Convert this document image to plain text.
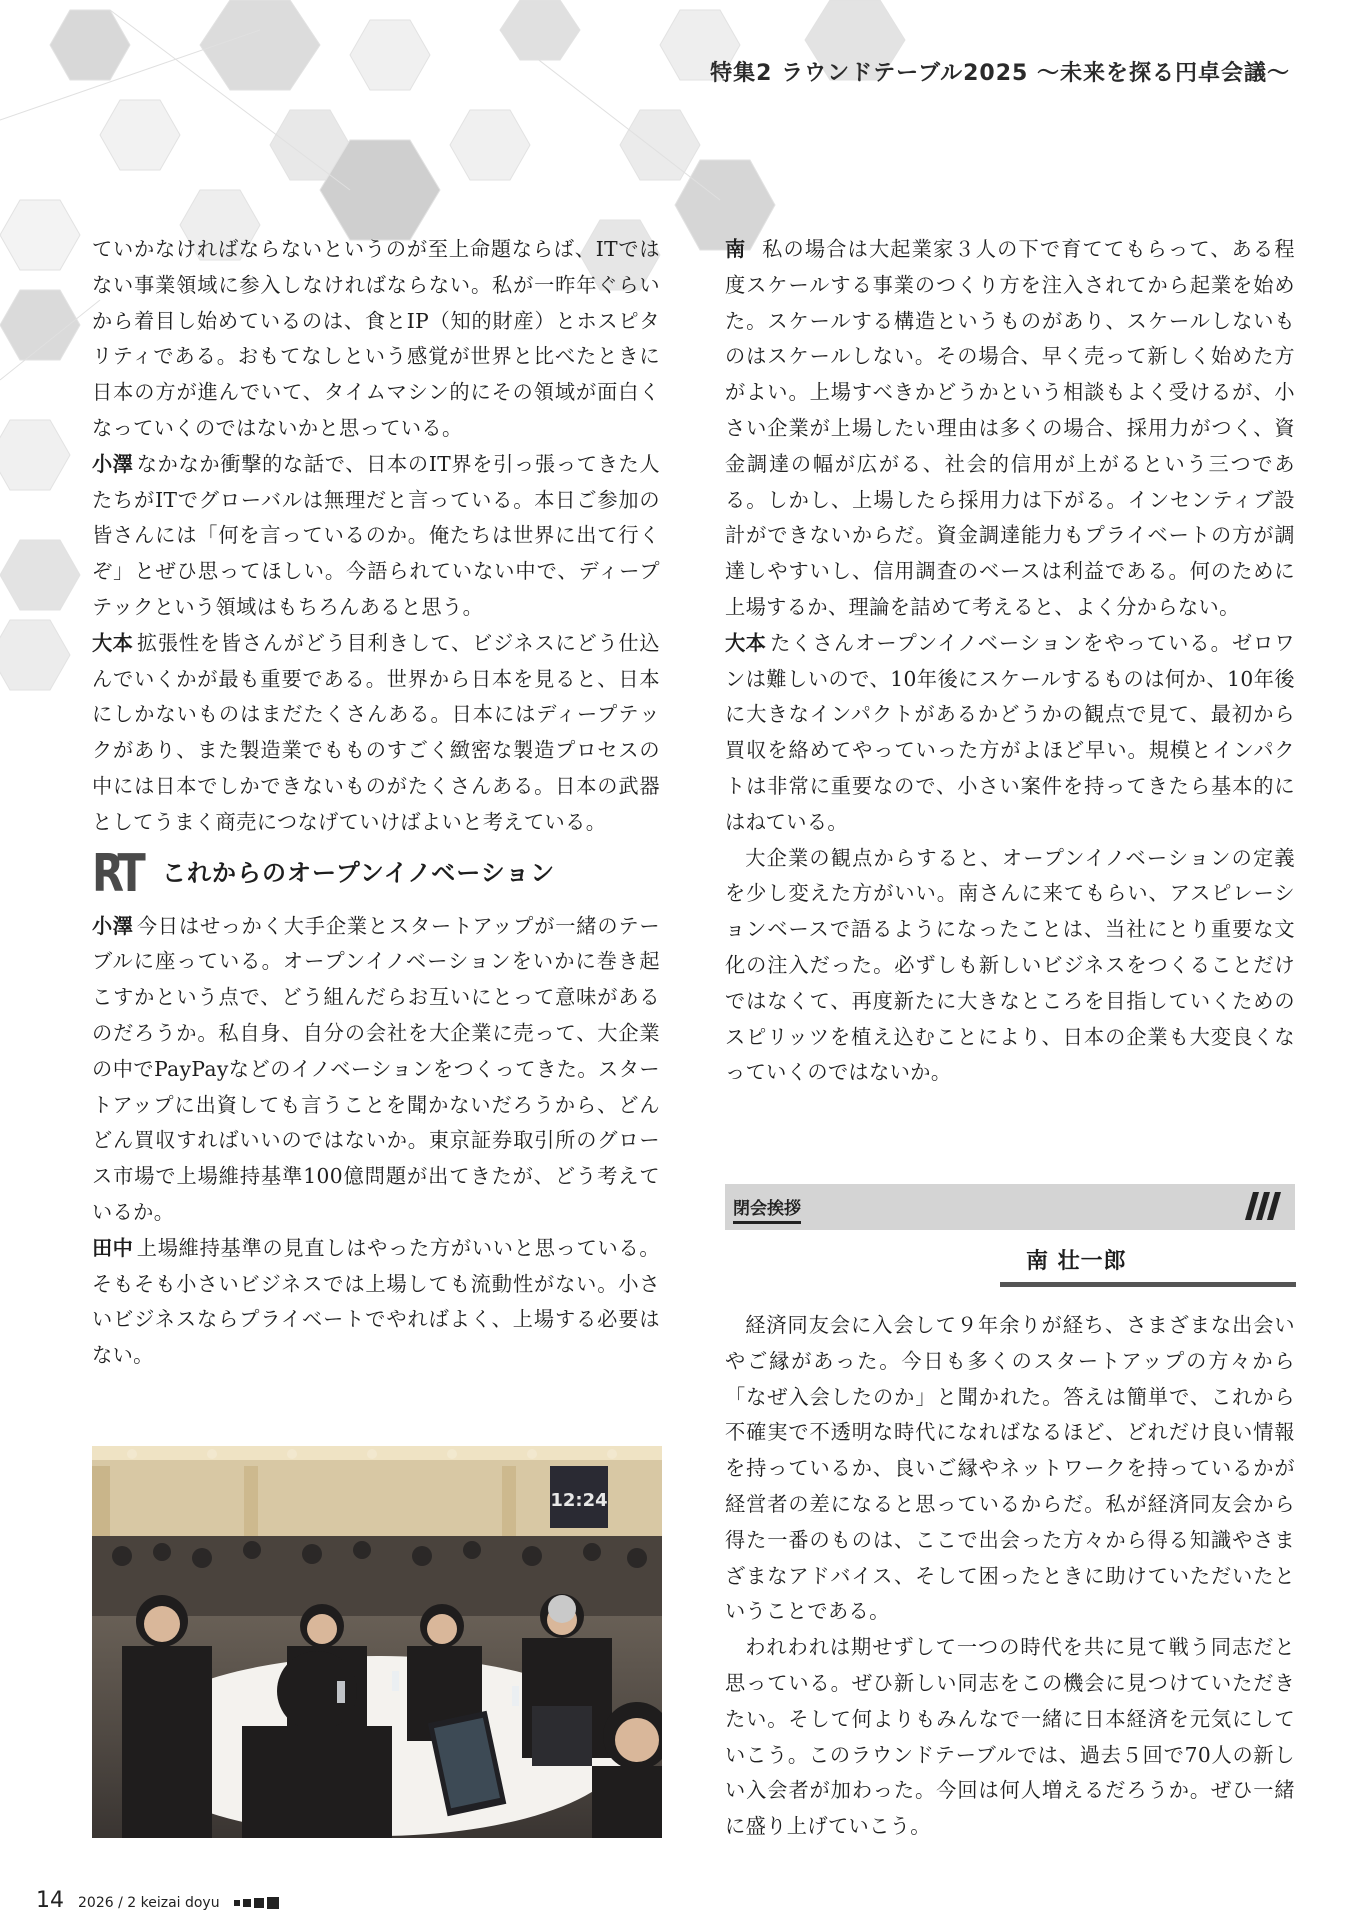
特集2 ラウンドテーブル2025 〜未来を探る円卓会議〜

ていかなければならないというのが至上命題ならば、ITではない事業領域に参入しなければならない。私が一昨年ぐらいから着目し始めているのは、食とIP（知的財産）とホスピタリティである。おもてなしという感覚が世界と比べたときに日本の方が進んでいて、タイムマシン的にその領域が面白くなっていくのではないかと思っている。

小澤 なかなか衝撃的な話で、日本のIT界を引っ張ってきた人たちがITでグローバルは無理だと言っている。本日ご参加の皆さんには「何を言っているのか。俺たちは世界に出て行くぞ」とぜひ思ってほしい。今語られていない中で、ディープテックという領域はもちろんあると思う。

大本 拡張性を皆さんがどう目利きして、ビジネスにどう仕込んでいくかが最も重要である。世界から日本を見ると、日本にしかないものはまだたくさんある。日本にはディープテックがあり、また製造業でもものすごく緻密な製造プロセスの中には日本でしかできないものがたくさんある。日本の武器としてうまく商売につなげていけばよいと考えている。

RT これからのオープンイノベーション

小澤 今日はせっかく大手企業とスタートアップが一緒のテーブルに座っている。オープンイノベーションをいかに巻き起こすかという点で、どう組んだらお互いにとって意味があるのだろうか。私自身、自分の会社を大企業に売って、大企業の中でPayPayなどのイノベーションをつくってきた。スタートアップに出資しても言うことを聞かないだろうから、どんどん買収すればいいのではないか。東京証券取引所のグロース市場で上場維持基準100億問題が出てきたが、どう考えているか。

田中 上場維持基準の見直しはやった方がいいと思っている。そもそも小さいビジネスでは上場しても流動性がない。小さいビジネスならプライベートでやればよく、上場する必要はない。

12:24

南 私の場合は大起業家３人の下で育ててもらって、ある程度スケールする事業のつくり方を注入されてから起業を始めた。スケールする構造というものがあり、スケールしないものはスケールしない。その場合、早く売って新しく始めた方がよい。上場すべきかどうかという相談もよく受けるが、小さい企業が上場したい理由は多くの場合、採用力がつく、資金調達の幅が広がる、社会的信用が上がるという三つである。しかし、上場したら採用力は下がる。インセンティブ設計ができないからだ。資金調達能力もプライベートの方が調達しやすいし、信用調査のベースは利益である。何のために上場するか、理論を詰めて考えると、よく分からない。

大本 たくさんオープンイノベーションをやっている。ゼロワンは難しいので、10年後にスケールするものは何か、10年後に大きなインパクトがあるかどうかの観点で見て、最初から買収を絡めてやっていった方がよほど早い。規模とインパクトは非常に重要なので、小さい案件を持ってきたら基本的にはねている。

大企業の観点からすると、オープンイノベーションの定義を少し変えた方がいい。南さんに来てもらい、アスピレーションベースで語るようになったことは、当社にとり重要な文化の注入だった。必ずしも新しいビジネスをつくることだけではなくて、再度新たに大きなところを目指していくためのスピリッツを植え込むことにより、日本の企業も大変良くなっていくのではないか。

閉会挨拶
南 壮一郎

経済同友会に入会して９年余りが経ち、さまざまな出会いやご縁があった。今日も多くのスタートアップの方々から「なぜ入会したのか」と聞かれた。答えは簡単で、これから不確実で不透明な時代になればなるほど、どれだけ良い情報を持っているか、良いご縁やネットワークを持っているかが経営者の差になると思っているからだ。私が経済同友会から得た一番のものは、ここで出会った方々から得る知識やさまざまなアドバイス、そして困ったときに助けていただいたということである。

われわれは期せずして一つの時代を共に見て戦う同志だと思っている。ぜひ新しい同志をこの機会に見つけていただきたい。そして何よりもみんなで一緒に日本経済を元気にしていこう。このラウンドテーブルでは、過去５回で70人の新しい入会者が加わった。今回は何人増えるだろうか。ぜひ一緒に盛り上げていこう。

14 2026 / 2 keizai doyu
